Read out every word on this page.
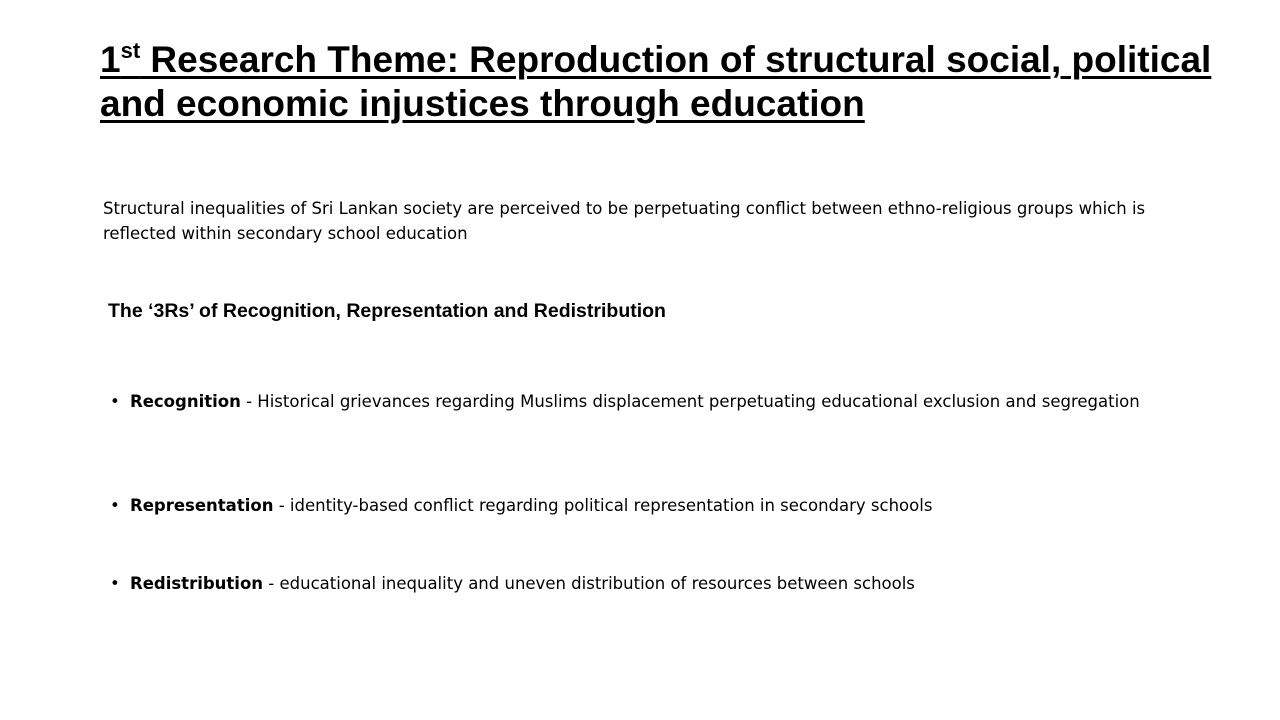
1st Research Theme: Reproduction of structural social, political and economic injustices through education

Structural inequalities of Sri Lankan society are perceived to be perpetuating conflict between ethno-religious groups which is reflected within secondary school education

The ‘3Rs’ of Recognition, Representation and Redistribution

• Recognition - Historical grievances regarding Muslims displacement perpetuating educational exclusion and segregation
• Representation - identity-based conflict regarding political representation in secondary schools
• Redistribution - educational inequality and uneven distribution of resources between schools
